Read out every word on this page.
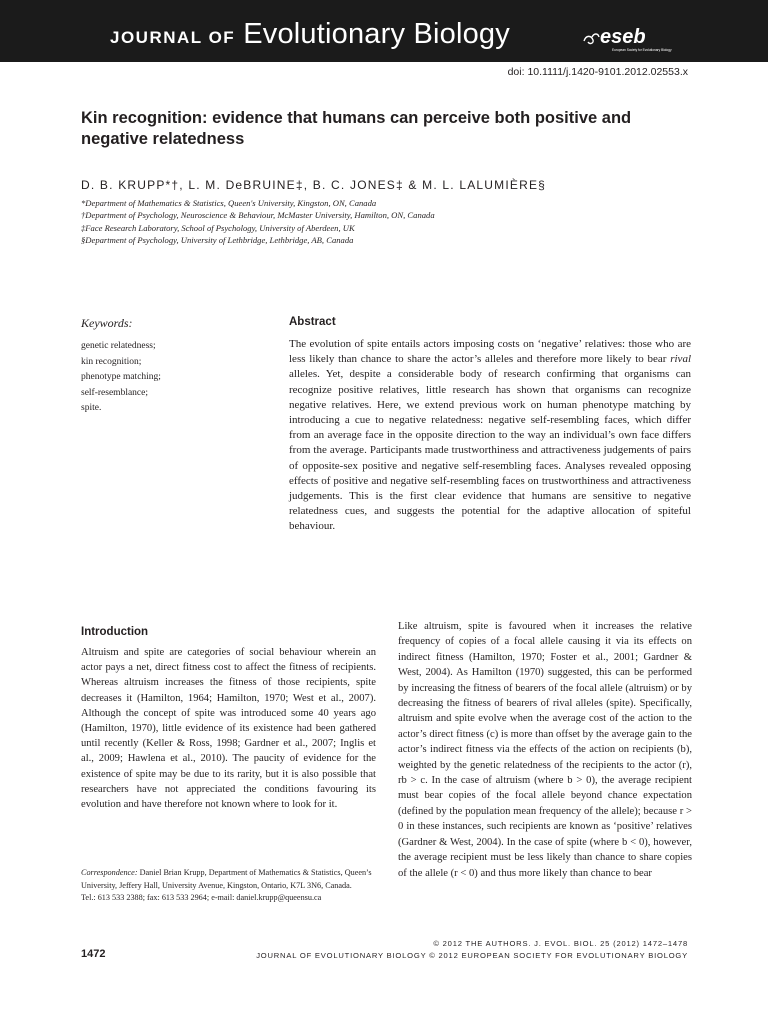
JOURNAL OF Evolutionary Biology	eseb
European Society for Evolutionary Biology
doi: 10.1111/j.1420-9101.2012.02553.x
Kin recognition: evidence that humans can perceive both positive and negative relatedness
D. B. KRUPP*†, L. M. DeBRUINE‡, B. C. JONES‡ & M. L. LALUMIÈRE§
*Department of Mathematics & Statistics, Queen's University, Kingston, ON, Canada
†Department of Psychology, Neuroscience & Behaviour, McMaster University, Hamilton, ON, Canada
‡Face Research Laboratory, School of Psychology, University of Aberdeen, UK
§Department of Psychology, University of Lethbridge, Lethbridge, AB, Canada
Keywords:
genetic relatedness;
kin recognition;
phenotype matching;
self-resemblance;
spite.
Abstract
The evolution of spite entails actors imposing costs on ‘negative’ relatives: those who are less likely than chance to share the actor’s alleles and therefore more likely to bear rival alleles. Yet, despite a considerable body of research confirming that organisms can recognize positive relatives, little research has shown that organisms can recognize negative relatives. Here, we extend previous work on human phenotype matching by introducing a cue to negative relatedness: negative self-resembling faces, which differ from an average face in the opposite direction to the way an individual’s own face differs from the average. Participants made trustworthiness and attractiveness judgements of pairs of opposite-sex positive and negative self-resembling faces. Analyses revealed opposing effects of positive and negative self-resembling faces on trustworthiness and attractiveness judgements. This is the first clear evidence that humans are sensitive to negative relatedness cues, and suggests the potential for the adaptive allocation of spiteful behaviour.
Introduction
Altruism and spite are categories of social behaviour wherein an actor pays a net, direct fitness cost to affect the fitness of recipients. Whereas altruism increases the fitness of those recipients, spite decreases it (Hamilton, 1964; Hamilton, 1970; West et al., 2007). Although the concept of spite was introduced some 40 years ago (Hamilton, 1970), little evidence of its existence had been gathered until recently (Keller & Ross, 1998; Gardner et al., 2007; Inglis et al., 2009; Hawlena et al., 2010). The paucity of evidence for the existence of spite may be due to its rarity, but it is also possible that researchers have not appreciated the conditions favouring its evolution and have therefore not known where to look for it.
Like altruism, spite is favoured when it increases the relative frequency of copies of a focal allele causing it via its effects on indirect fitness (Hamilton, 1970; Foster et al., 2001; Gardner & West, 2004). As Hamilton (1970) suggested, this can be performed by increasing the fitness of bearers of the focal allele (altruism) or by decreasing the fitness of bearers of rival alleles (spite). Specifically, altruism and spite evolve when the average cost of the action to the actor’s direct fitness (c) is more than offset by the average gain to the actor’s indirect fitness via the effects of the action on recipients (b), weighted by the genetic relatedness of the recipients to the actor (r), rb > c. In the case of altruism (where b > 0), the average recipient must bear copies of the focal allele beyond chance expectation (defined by the population mean frequency of the allele); because r > 0 in these instances, such recipients are known as ‘positive’ relatives (Gardner & West, 2004). In the case of spite (where b < 0), however, the average recipient must be less likely than chance to share copies of the allele (r < 0) and thus more likely than chance to bear
Correspondence: Daniel Brian Krupp, Department of Mathematics & Statistics, Queen’s University, Jeffery Hall, University Avenue, Kingston, Ontario, K7L 3N6, Canada.
Tel.: 613 533 2388; fax: 613 533 2964; e-mail: daniel.krupp@queensu.ca
1472
© 2012 THE AUTHORS. J. EVOL. BIOL. 25 (2012) 1472–1478
JOURNAL OF EVOLUTIONARY BIOLOGY © 2012 EUROPEAN SOCIETY FOR EVOLUTIONARY BIOLOGY
